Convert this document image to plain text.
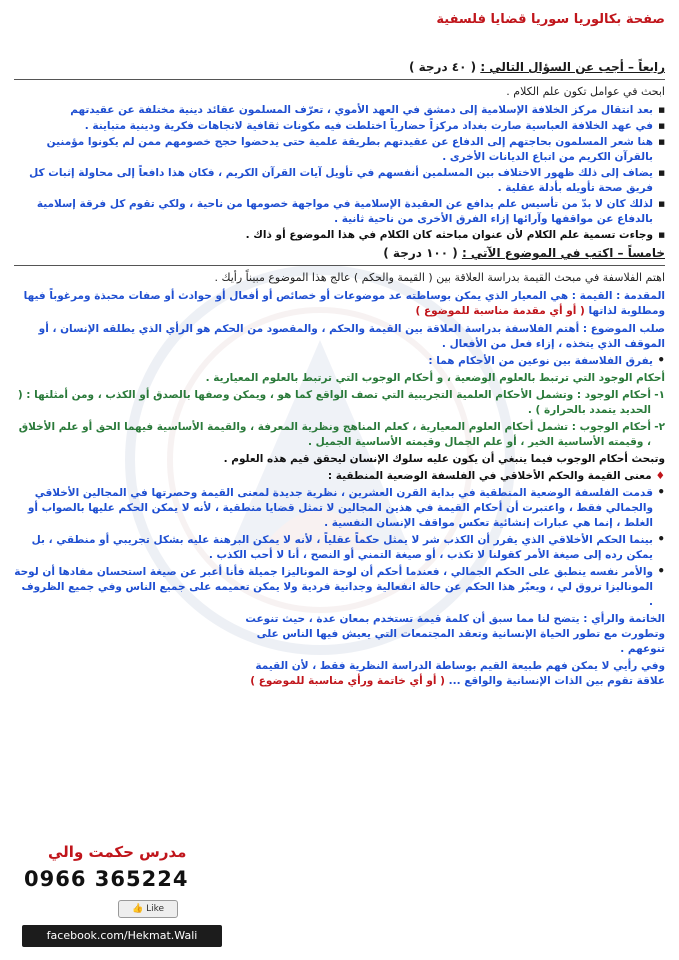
صفحة بكالوريا سوريا قضايا فلسفية
رابعاً – أجب عن السؤال التالي : ( ٤٠ درجة )
ابحث في عوامل تكون علم الكلام .
■ بعد انتقال مركز الخلافة الإسلامية إلى دمشق في العهد الأموي ، تعرّف المسلمون عقائد دينية مختلفة عن عقيدتهم
■ في عهد الخلافة العباسية صارت بغداد مركزاً حضارياً اختلطت فيه مكونات ثقافية لاتجاهات فكرية ودينية متباينة .
■ هنا شعر المسلمون بحاجتهم إلى الدفاع عن عقيدتهم بطريقة علمية حتى يدحضوا حجج خصومهم ممن لم يكونوا مؤمنين بالقرآن الكريم من اتباع الديانات الأخرى .
■ يضاف إلى ذلك ظهور الاختلاف بين المسلمين أنفسهم في تأويل آيات القرآن الكريم ، فكان هذا دافعاً إلى محاولة إثبات كل فريق صحة تأويله بأدلة عقلية .
■ لذلك كان لا بدّ من تأسيس علم يدافع عن العقيدة الإسلامية في مواجهة خصومها من ناحية ، ولكي تقوم كل فرقة إسلامية بالدفاع عن مواقفها وآرائها إزاء الفرق الأخرى من ناحية ثانية .
■ وجاءت تسمية علم الكلام لأن عنوان مباحثه كان الكلام في هذا الموضوع أو ذاك .
خامساً – اكتب في الموضوع الآتي : ( ١٠٠ درجة )
اهتم الفلاسفة في مبحث القيمة بدراسة العلاقة بين ( القيمة والحكم ) عالج هذا الموضوع مبيناً رأيك .

المقدمة : القيمة : هي المعيار الذي يمكن بوساطته عد موضوعات أو خصائص أو أفعال أو حوادث أو صفات محبذة ومرغوباً فيها ومطلوبة لذاتها ( أو أي مقدمة مناسبة للموضوع )

صلب الموضوع : أهتم الفلاسفة بدراسة العلاقة بين القيمة والحكم ، والمقصود من الحكم هو الرأي الذي يطلقه الإنسان ، أو الموقف الذي يتخذه ، إزاء فعل من الأفعال .

• يفرق الفلاسفة بين نوعين من الأحكام هما :

أحكام الوجود التي ترتبط بالعلوم الوضعية ، و أحكام الوجوب التي ترتبط بالعلوم المعيارية .

١-
أحكام الوجود : وتشمل الأحكام العلمية التجريبية التي تصف الواقع كما هو ، ويمكن وصفها بالصدق أو الكذب ، ومن أمثلتها : ( الحديد يتمدد بالحرارة ) .

٢-
أحكام الوجوب : تشمل أحكام العلوم المعيارية ، كعلم المناهج ونظرية المعرفة ، والقيمة الأساسية فيهما الحق أو علم الأخلاق ، وقيمته الأساسية الخير ، أو علم الجمال وقيمته الأساسية الجميل .

وتبحث أحكام الوجوب فيما ينبغي أن يكون عليه سلوك الإنسان ليحقق قيم هذه العلوم .

♦ معنى القيمة والحكم الأخلاقي في الفلسفة الوضعية المنطقية :

• قدمت الفلسفة الوضعية المنطقية في بداية القرن العشرين ، نظرية جديدة لمعنى القيمة وحصرتها في المجالين الأخلاقي والجمالي فقط ، واعتبرت أن أحكام القيمة في هذين المجالين لا تمثل قضايا منطقية ، لأنه لا يمكن الحكم عليها بالصواب أو الغلط ، إنما هي عبارات إنشائية تعكس مواقف الإنسان النفسية .

• بينما الحكم الأخلاقي الذي يقرر أن الكذب شر لا يمثل حكماً عقلياً ، لأنه لا يمكن البرهنة عليه بشكل تجريبي أو منطقي ، بل يمكن رده إلى صيغة الأمر كقولنا لا تكذب ، أو صيغة التمني أو النصح ، أنا لا أحب الكذب .

• والأمر نفسه ينطبق على الحكم الجمالي ، فعندما أحكم أن لوحة الموناليزا جميلة فأنا أعبر عن صيغة استحسان مفادها أن لوحة الموناليزا تروق لي ، ويعبّر هذا الحكم عن حالة انفعالية وجدانية فردية ولا يمكن تعميمه على جميع الناس وفي جميع الظروف .

الخاتمة والرأي : يتضح لنا مما سبق أن كلمة قيمة تستخدم بمعان عدة ، حيث تنوعت وتطورت مع تطور الحياة الإنسانية وتعقد المجتمعات التي يعيش فيها الناس على تنوعهم .

وفي رأيي لا يمكن فهم طبيعة القيم بوساطة الدراسة النظرية فقط ، لأن القيمة علاقة تقوم بين الذات الإنسانية والواقع ... ( أو أي خاتمة ورأي مناسبة للموضوع )

مدرس حكمت والي
0966 365224
👍 Like
facebook.com/Hekmat.Wali
